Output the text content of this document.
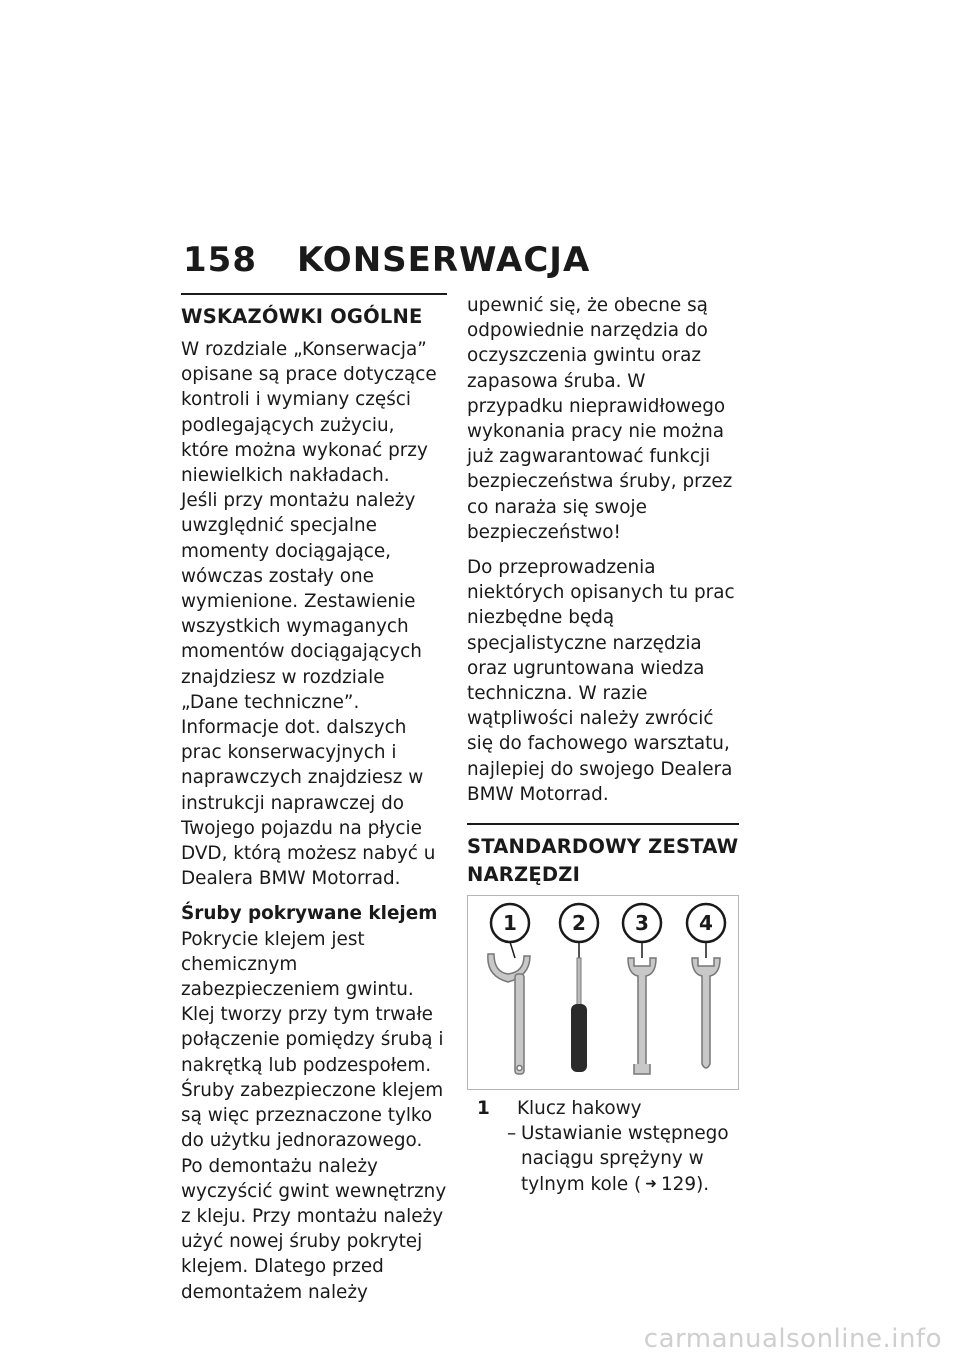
158 KONSERWACJA
WSKAZÓWKI OGÓLNE

W rozdziale „Konserwacja” opisane są prace dotyczące kontroli i wymiany części podlegających zużyciu, które można wykonać przy niewielkich nakładach.

Jeśli przy montażu należy uwzględnić specjalne momenty dociągające, wówczas zostały one wymienione. Zestawienie wszystkich wymaganych momentów dociągających znajdziesz w rozdziale „Dane techniczne”.

Informacje dot. dalszych prac konserwacyjnych i naprawczych znajdziesz w instrukcji naprawczej do Twojego pojazdu na płycie DVD, którą możesz nabyć u Dealera BMW Motorrad.

Śruby pokrywane klejem

Pokrycie klejem jest chemicznym zabezpieczeniem gwintu. Klej tworzy przy tym trwałe połączenie pomiędzy śrubą i nakrętką lub podzespołem. Śruby zabezpieczone klejem są więc przeznaczone tylko do użytku jednorazowego.

Po demontażu należy wyczyścić gwint wewnętrzny z kleju. Przy montażu należy użyć nowej śruby pokrytej klejem. Dlatego przed demontażem należy

upewnić się, że obecne są odpowiednie narzędzia do oczyszczenia gwintu oraz zapasowa śruba. W przypadku nieprawidłowego wykonania pracy nie można już zagwarantować funkcji bezpieczeństwa śruby, przez co naraża się swoje bezpieczeństwo!

Do przeprowadzenia niektórych opisanych tu prac niezbędne będą specjalistyczne narzędzia oraz ugruntowana wiedza techniczna. W razie wątpliwości należy zwrócić się do fachowego warsztatu, najlepiej do swojego Dealera BMW Motorrad.

STANDARDOWY ZESTAW
NARZĘDZI
1	2 3	4
1	Klucz hakowy
– Ustawianie wstępnego naciągu sprężyny w tylnym kole ( ➜ 129).
carmanualsonline.info
